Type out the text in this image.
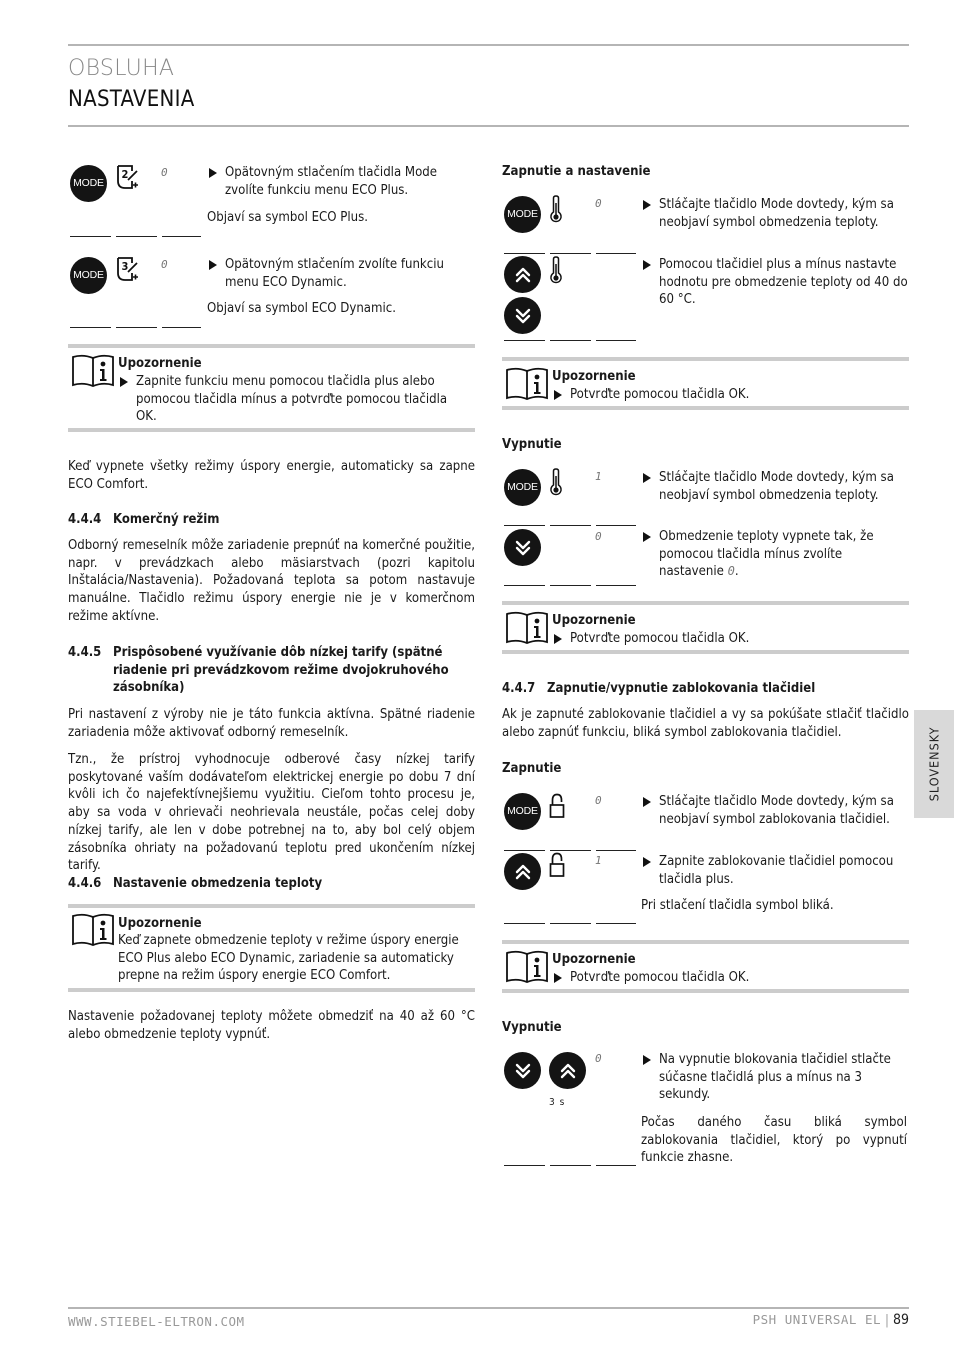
OBSLUHA
NASTAVENIA
MODE
2	0	Opätovným stlačením tlačidla Mode zvolíte funkciu menu ECO Plus.
Objaví sa symbol ECO Plus.
MODE
3	0	Opätovným stlačením zvolíte funkciu menu ECO Dynamic.
Objaví sa symbol ECO Dynamic.
Upozornenie
Zapnite funkciu menu pomocou tlačidla plus alebo pomocou tlačidla mínus a potvrďte pomocou tlačidla OK.
Keď vypnete všetky režimy úspory energie, automaticky sa zapne ECO Comfort.
4.4.4 Komerčný režim
Odborný remeselník môže zariadenie prepnúť na komerčné použitie, napr. v prevádzkach alebo mäsiarstvach (pozri kapitolu Inštalácia/Nastavenia). Požadovaná teplota sa potom nastavuje manuálne. Tlačidlo režimu úspory energie nie je v komerčnom režime aktívne.
4.4.5 Prispôsobené využívanie dôb nízkej tarify (spätné riadenie pri prevádzkovom režime dvojokruhového zásobníka)
Pri nastavení z výroby nie je táto funkcia aktívna. Spätné riadenie zariadenia môže aktivovať odborný remeselník.
Tzn., že prístroj vyhodnocuje odberové časy nízkej tarify poskytované vaším dodávateľom elektrickej energie po dobu 7 dní kvôli ich čo najefektívnejšiemu využitiu. Cieľom tohto procesu je, aby sa voda v ohrievači neohrievala neustále, počas celej doby nízkej tarify, ale len v dobe potrebnej na to, aby bol celý objem zásobníka ohriaty na požadovanú teplotu pred ukončením nízkej tarify.
4.4.6 Nastavenie obmedzenia teploty
Upozornenie
Keď zapnete obmedzenie teploty v režime úspory energie ECO Plus alebo ECO Dynamic, zariadenie sa automaticky prepne na režim úspory energie ECO Comfort.
Nastavenie požadovanej teploty môžete obmedziť na 40 až 60 °C alebo obmedzenie teploty vypnúť.
Zapnutie a nastavenie
MODE
0	Stláčajte tlačidlo Mode dovtedy, kým sa neobjaví symbol obmedzenia teploty.
Pomocou tlačidiel plus a mínus nastavte hodnotu pre obmedzenie teploty od 40 do 60 °C.
Upozornenie
Potvrďte pomocou tlačidla OK.
Vypnutie
MODE
1	Stláčajte tlačidlo Mode dovtedy, kým sa neobjaví symbol obmedzenia teploty.
0	Obmedzenie teploty vypnete tak, že pomocou tlačidla mínus zvolíte nastavenie 0.
Upozornenie
Potvrďte pomocou tlačidla OK.
4.4.7 Zapnutie/vypnutie zablokovania tlačidiel
Ak je zapnuté zablokovanie tlačidiel a vy sa pokúšate stlačiť tlačidlo alebo zapnúť funkciu, bliká symbol zablokovania tlačidiel.
Zapnutie
MODE
0	Stláčajte tlačidlo Mode dovtedy, kým sa neobjaví symbol zablokovania tlačidiel.
1	Zapnite zablokovanie tlačidiel pomocou tlačidla plus.
Pri stlačení tlačidla symbol bliká.
Upozornenie
Potvrďte pomocou tlačidla OK.
Vypnutie
3 s
0	Na vypnutie blokovania tlačidiel stlačte súčasne tlačidlá plus a mínus na 3 sekundy.
Počas daného času bliká symbol zablokovania tlačidiel, ktorý po vypnutí funkcie zhasne.
SLOVENSKY
WWW.STIEBEL-ELTRON.COM	PSH UNIVERSAL EL | 89
